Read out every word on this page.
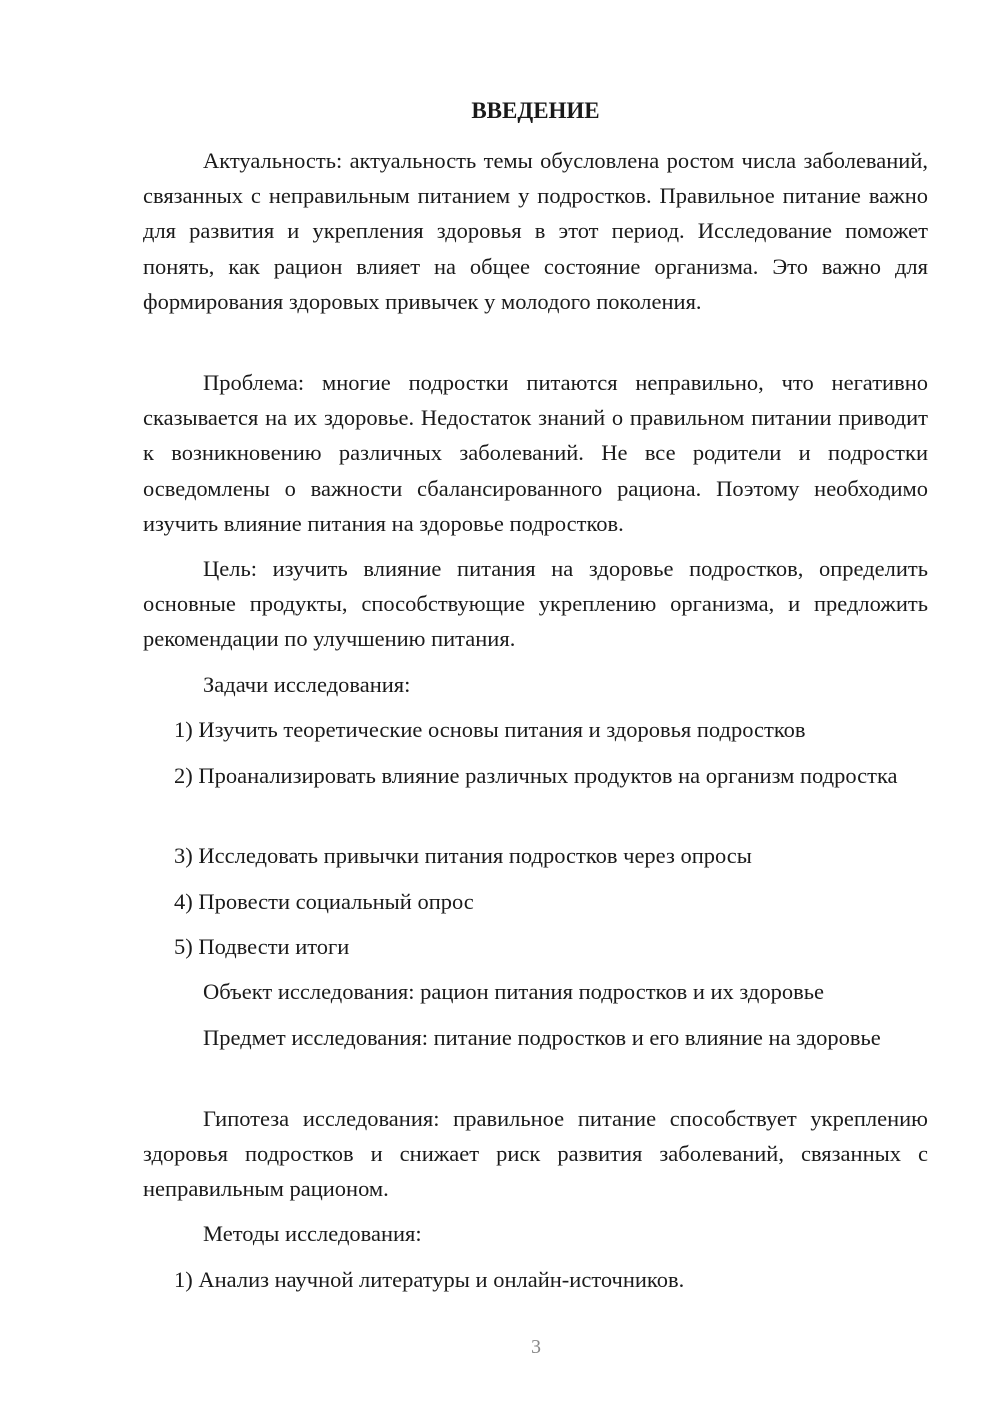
ВВЕДЕНИЕ

Актуальность: актуальность темы обусловлена ростом числа заболеваний, связанных с неправильным питанием у подростков. Правильное питание важно для развития и укрепления здоровья в этот период. Исследование поможет понять, как рацион влияет на общее состояние организма. Это важно для формирования здоровых привычек у молодого поколения.

Проблема: многие подростки питаются неправильно, что негативно сказывается на их здоровье. Недостаток знаний о правильном питании приводит к возникновению различных заболеваний. Не все родители и подростки осведомлены о важности сбалансированного рациона. Поэтому необходимо изучить влияние питания на здоровье подростков.

Цель: изучить влияние питания на здоровье подростков, определить основные продукты, способствующие укреплению организма, и предложить рекомендации по улучшению питания.

Задачи исследования:

1) Изучить теоретические основы питания и здоровья подростков

2) Проанализировать влияние различных продуктов на организм подростка

3) Исследовать привычки питания подростков через опросы

4) Провести социальный опрос

5) Подвести итоги

Объект исследования: рацион питания подростков и их здоровье

Предмет исследования: питание подростков и его влияние на здоровье

Гипотеза исследования: правильное питание способствует укреплению здоровья подростков и снижает риск развития заболеваний, связанных с неправильным рационом.

Методы исследования:

1) Анализ научной литературы и онлайн-источников.

3
